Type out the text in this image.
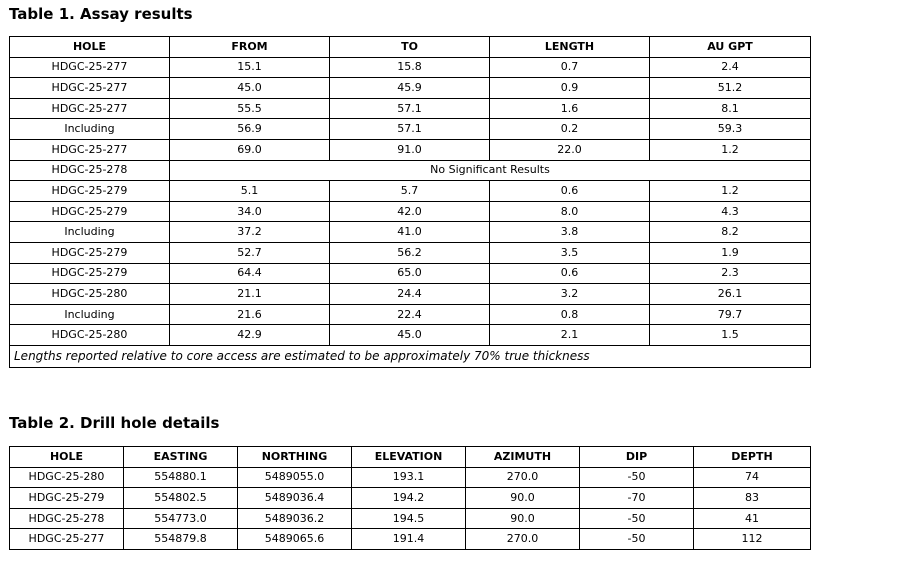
Table 1. Assay results
HOLE	FROM	TO	LENGTH	AU GPT
HDGC-25-277	15.1	15.8	0.7	2.4
HDGC-25-277	45.0	45.9	0.9	51.2
HDGC-25-277	55.5	57.1	1.6	8.1
Including	56.9	57.1	0.2	59.3
HDGC-25-277	69.0	91.0	22.0	1.2
HDGC-25-278	No Significant Results			
HDGC-25-279	5.1	5.7	0.6	1.2
HDGC-25-279	34.0	42.0	8.0	4.3
Including	37.2	41.0	3.8	8.2
HDGC-25-279	52.7	56.2	3.5	1.9
HDGC-25-279	64.4	65.0	0.6	2.3
HDGC-25-280	21.1	24.4	3.2	26.1
Including	21.6	22.4	0.8	79.7
HDGC-25-280	42.9	45.0	2.1	1.5
Lengths reported relative to core access are estimated to be approximately 70% true thickness				
Table 2. Drill hole details
HOLE	EASTING	NORTHING	ELEVATION	AZIMUTH	DIP	DEPTH
HDGC-25-280	554880.1	5489055.0	193.1	270.0	-50	74
HDGC-25-279	554802.5	5489036.4	194.2	90.0	-70	83
HDGC-25-278	554773.0	5489036.2	194.5	90.0	-50	41
HDGC-25-277	554879.8	5489065.6	191.4	270.0	-50	112
